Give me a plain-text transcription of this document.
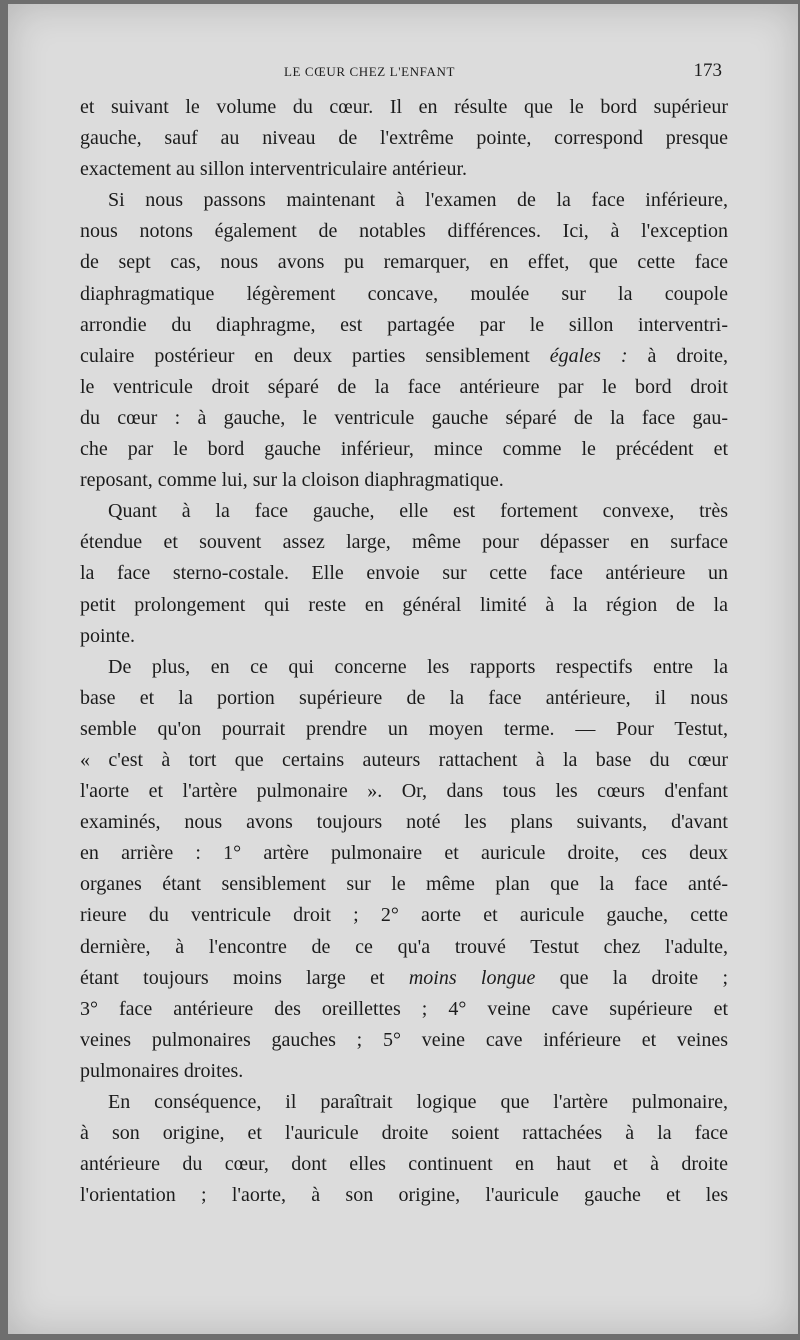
LE CŒUR CHEZ L'ENFANT	173
et suivant le volume du cœur. Il en résulte que le bord supérieur
gauche, sauf au niveau de l'extrême pointe, correspond presque
exactement au sillon interventriculaire antérieur.
Si nous passons maintenant à l'examen de la face inférieure,
nous notons également de notables différences. Ici, à l'exception
de sept cas, nous avons pu remarquer, en effet, que cette face
diaphragmatique légèrement concave, moulée sur la coupole
arrondie du diaphragme, est partagée par le sillon interventri-
culaire postérieur en deux parties sensiblement égales : à droite,
le ventricule droit séparé de la face antérieure par le bord droit
du cœur : à gauche, le ventricule gauche séparé de la face gau-
che par le bord gauche inférieur, mince comme le précédent et
reposant, comme lui, sur la cloison diaphragmatique.
Quant à la face gauche, elle est fortement convexe, très
étendue et souvent assez large, même pour dépasser en surface
la face sterno-costale. Elle envoie sur cette face antérieure un
petit prolongement qui reste en général limité à la région de la
pointe.
De plus, en ce qui concerne les rapports respectifs entre la
base et la portion supérieure de la face antérieure, il nous
semble qu'on pourrait prendre un moyen terme. — Pour Testut,
« c'est à tort que certains auteurs rattachent à la base du cœur
l'aorte et l'artère pulmonaire ». Or, dans tous les cœurs d'enfant
examinés, nous avons toujours noté les plans suivants, d'avant
en arrière : 1° artère pulmonaire et auricule droite, ces deux
organes étant sensiblement sur le même plan que la face anté-
rieure du ventricule droit ; 2° aorte et auricule gauche, cette
dernière, à l'encontre de ce qu'a trouvé Testut chez l'adulte,
étant toujours moins large et moins longue que la droite ;
3° face antérieure des oreillettes ; 4° veine cave supérieure et
veines pulmonaires gauches ; 5° veine cave inférieure et veines
pulmonaires droites.
En conséquence, il paraîtrait logique que l'artère pulmonaire,
à son origine, et l'auricule droite soient rattachées à la face
antérieure du cœur, dont elles continuent en haut et à droite
l'orientation ; l'aorte, à son origine, l'auricule gauche et les
